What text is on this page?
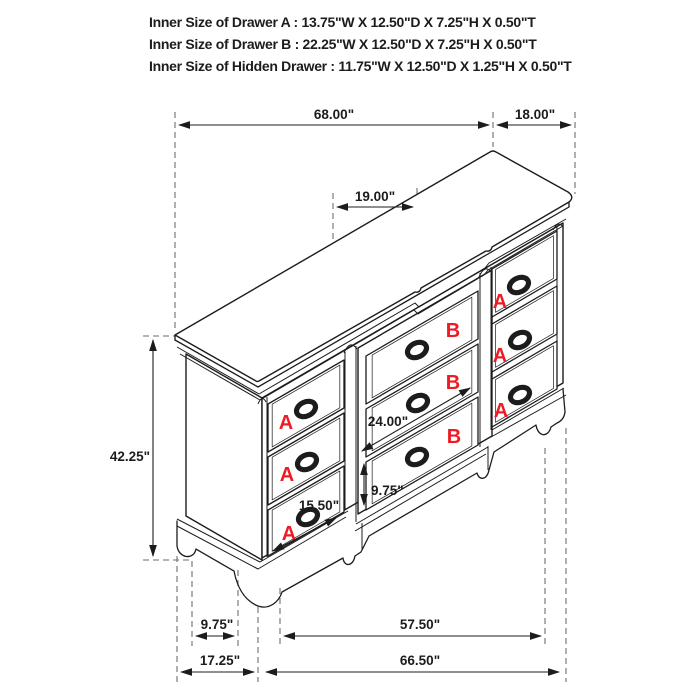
Inner Size of Drawer A : 13.75"W X 12.50"D X 7.25"H X 0.50"T
Inner Size of Drawer B : 22.25"W X 12.50"D X 7.25"H X 0.50"T
Inner Size of Hidden Drawer : 11.75"W X 12.50"D X 1.25"H X 0.50"T
A
A
A
B
B
B
A
A
A
68.00"	18.00"
19.00"
42.25"
24.00"
9.75"
15.50"
9.75"	57.50"
17.25"	66.50"
